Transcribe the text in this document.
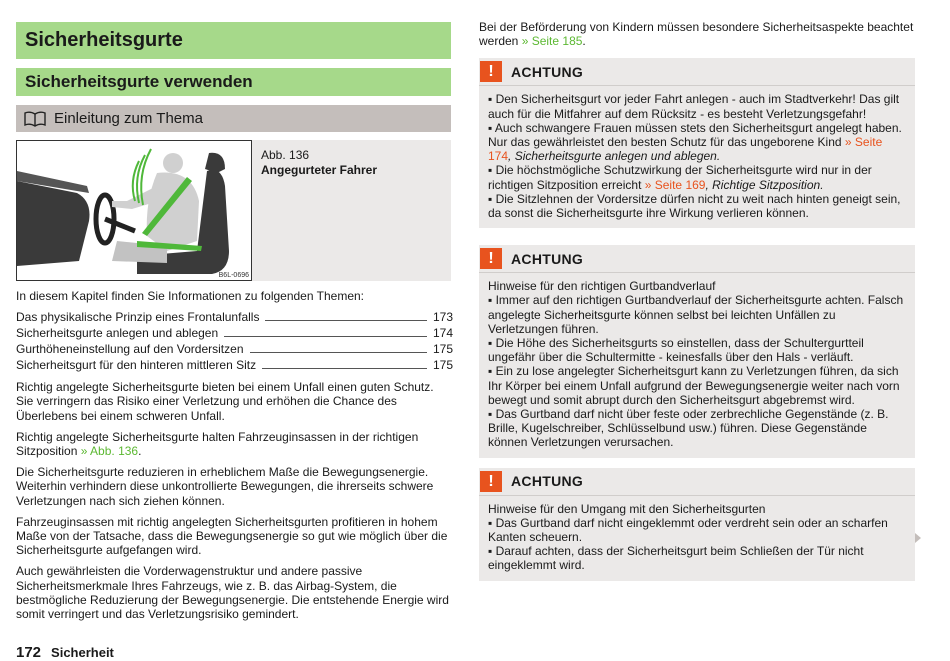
Sicherheitsgurte
Sicherheitsgurte verwenden
Einleitung zum Thema
B6L-0696
Abb. 136
Angegurteter Fahrer

In diesem Kapitel finden Sie Informationen zu folgenden Themen:

Das physikalische Prinzip eines Frontalunfalls	173
Sicherheitsgurte anlegen und ablegen	174
Gurthöheneinstellung auf den Vordersitzen	175
Sicherheitsgurt für den hinteren mittleren Sitz	175

Richtig angelegte Sicherheitsgurte bieten bei einem Unfall einen guten Schutz. Sie verringern das Risiko einer Verletzung und erhöhen die Chance des Überlebens bei einem schweren Unfall.

Richtig angelegte Sicherheitsgurte halten Fahrzeuginsassen in der richtigen Sitzposition » Abb. 136.

Die Sicherheitsgurte reduzieren in erheblichem Maße die Bewegungsenergie. Weiterhin verhindern diese unkontrollierte Bewegungen, die ihrerseits schwere Verletzungen nach sich ziehen können.

Fahrzeuginsassen mit richtig angelegten Sicherheitsgurten profitieren in hohem Maße von der Tatsache, dass die Bewegungsenergie so gut wie möglich über die Sicherheitsgurte aufgefangen wird.

Auch gewährleisten die Vorderwagenstruktur und andere passive Sicherheitsmerkmale Ihres Fahrzeugs, wie z. B. das Airbag-System, die bestmögliche Reduzierung der Bewegungsenergie. Die entstehende Energie wird somit verringert und das Verletzungsrisiko gemindert.

172 Sicherheit

Bei der Beförderung von Kindern müssen besondere Sicherheitsaspekte beachtet werden » Seite 185.

!	ACHTUNG

▪ Den Sicherheitsgurt vor jeder Fahrt anlegen - auch im Stadtverkehr! Das gilt auch für die Mitfahrer auf dem Rücksitz - es besteht Verletzungsgefahr!

▪ Auch schwangere Frauen müssen stets den Sicherheitsgurt angelegt haben. Nur das gewährleistet den besten Schutz für das ungeborene Kind » Seite 174, Sicherheitsgurte anlegen und ablegen.

▪ Die höchstmögliche Schutzwirkung der Sicherheitsgurte wird nur in der richtigen Sitzposition erreicht » Seite 169, Richtige Sitzposition.

▪ Die Sitzlehnen der Vordersitze dürfen nicht zu weit nach hinten geneigt sein, da sonst die Sicherheitsgurte ihre Wirkung verlieren können.

!	ACHTUNG

Hinweise für den richtigen Gurtbandverlauf

▪ Immer auf den richtigen Gurtbandverlauf der Sicherheitsgurte achten. Falsch angelegte Sicherheitsgurte können selbst bei leichten Unfällen zu Verletzungen führen.

▪ Die Höhe des Sicherheitsgurts so einstellen, dass der Schultergurtteil ungefähr über die Schultermitte - keinesfalls über den Hals - verläuft.

▪ Ein zu lose angelegter Sicherheitsgurt kann zu Verletzungen führen, da sich Ihr Körper bei einem Unfall aufgrund der Bewegungsenergie weiter nach vorn bewegt und somit abrupt durch den Sicherheitsgurt abgebremst wird.

▪ Das Gurtband darf nicht über feste oder zerbrechliche Gegenstände (z. B. Brille, Kugelschreiber, Schlüsselbund usw.) führen. Diese Gegenstände können Verletzungen verursachen.

!	ACHTUNG

Hinweise für den Umgang mit den Sicherheitsgurten

▪ Das Gurtband darf nicht eingeklemmt oder verdreht sein oder an scharfen Kanten scheuern.

▪ Darauf achten, dass der Sicherheitsgurt beim Schließen der Tür nicht eingeklemmt wird.
